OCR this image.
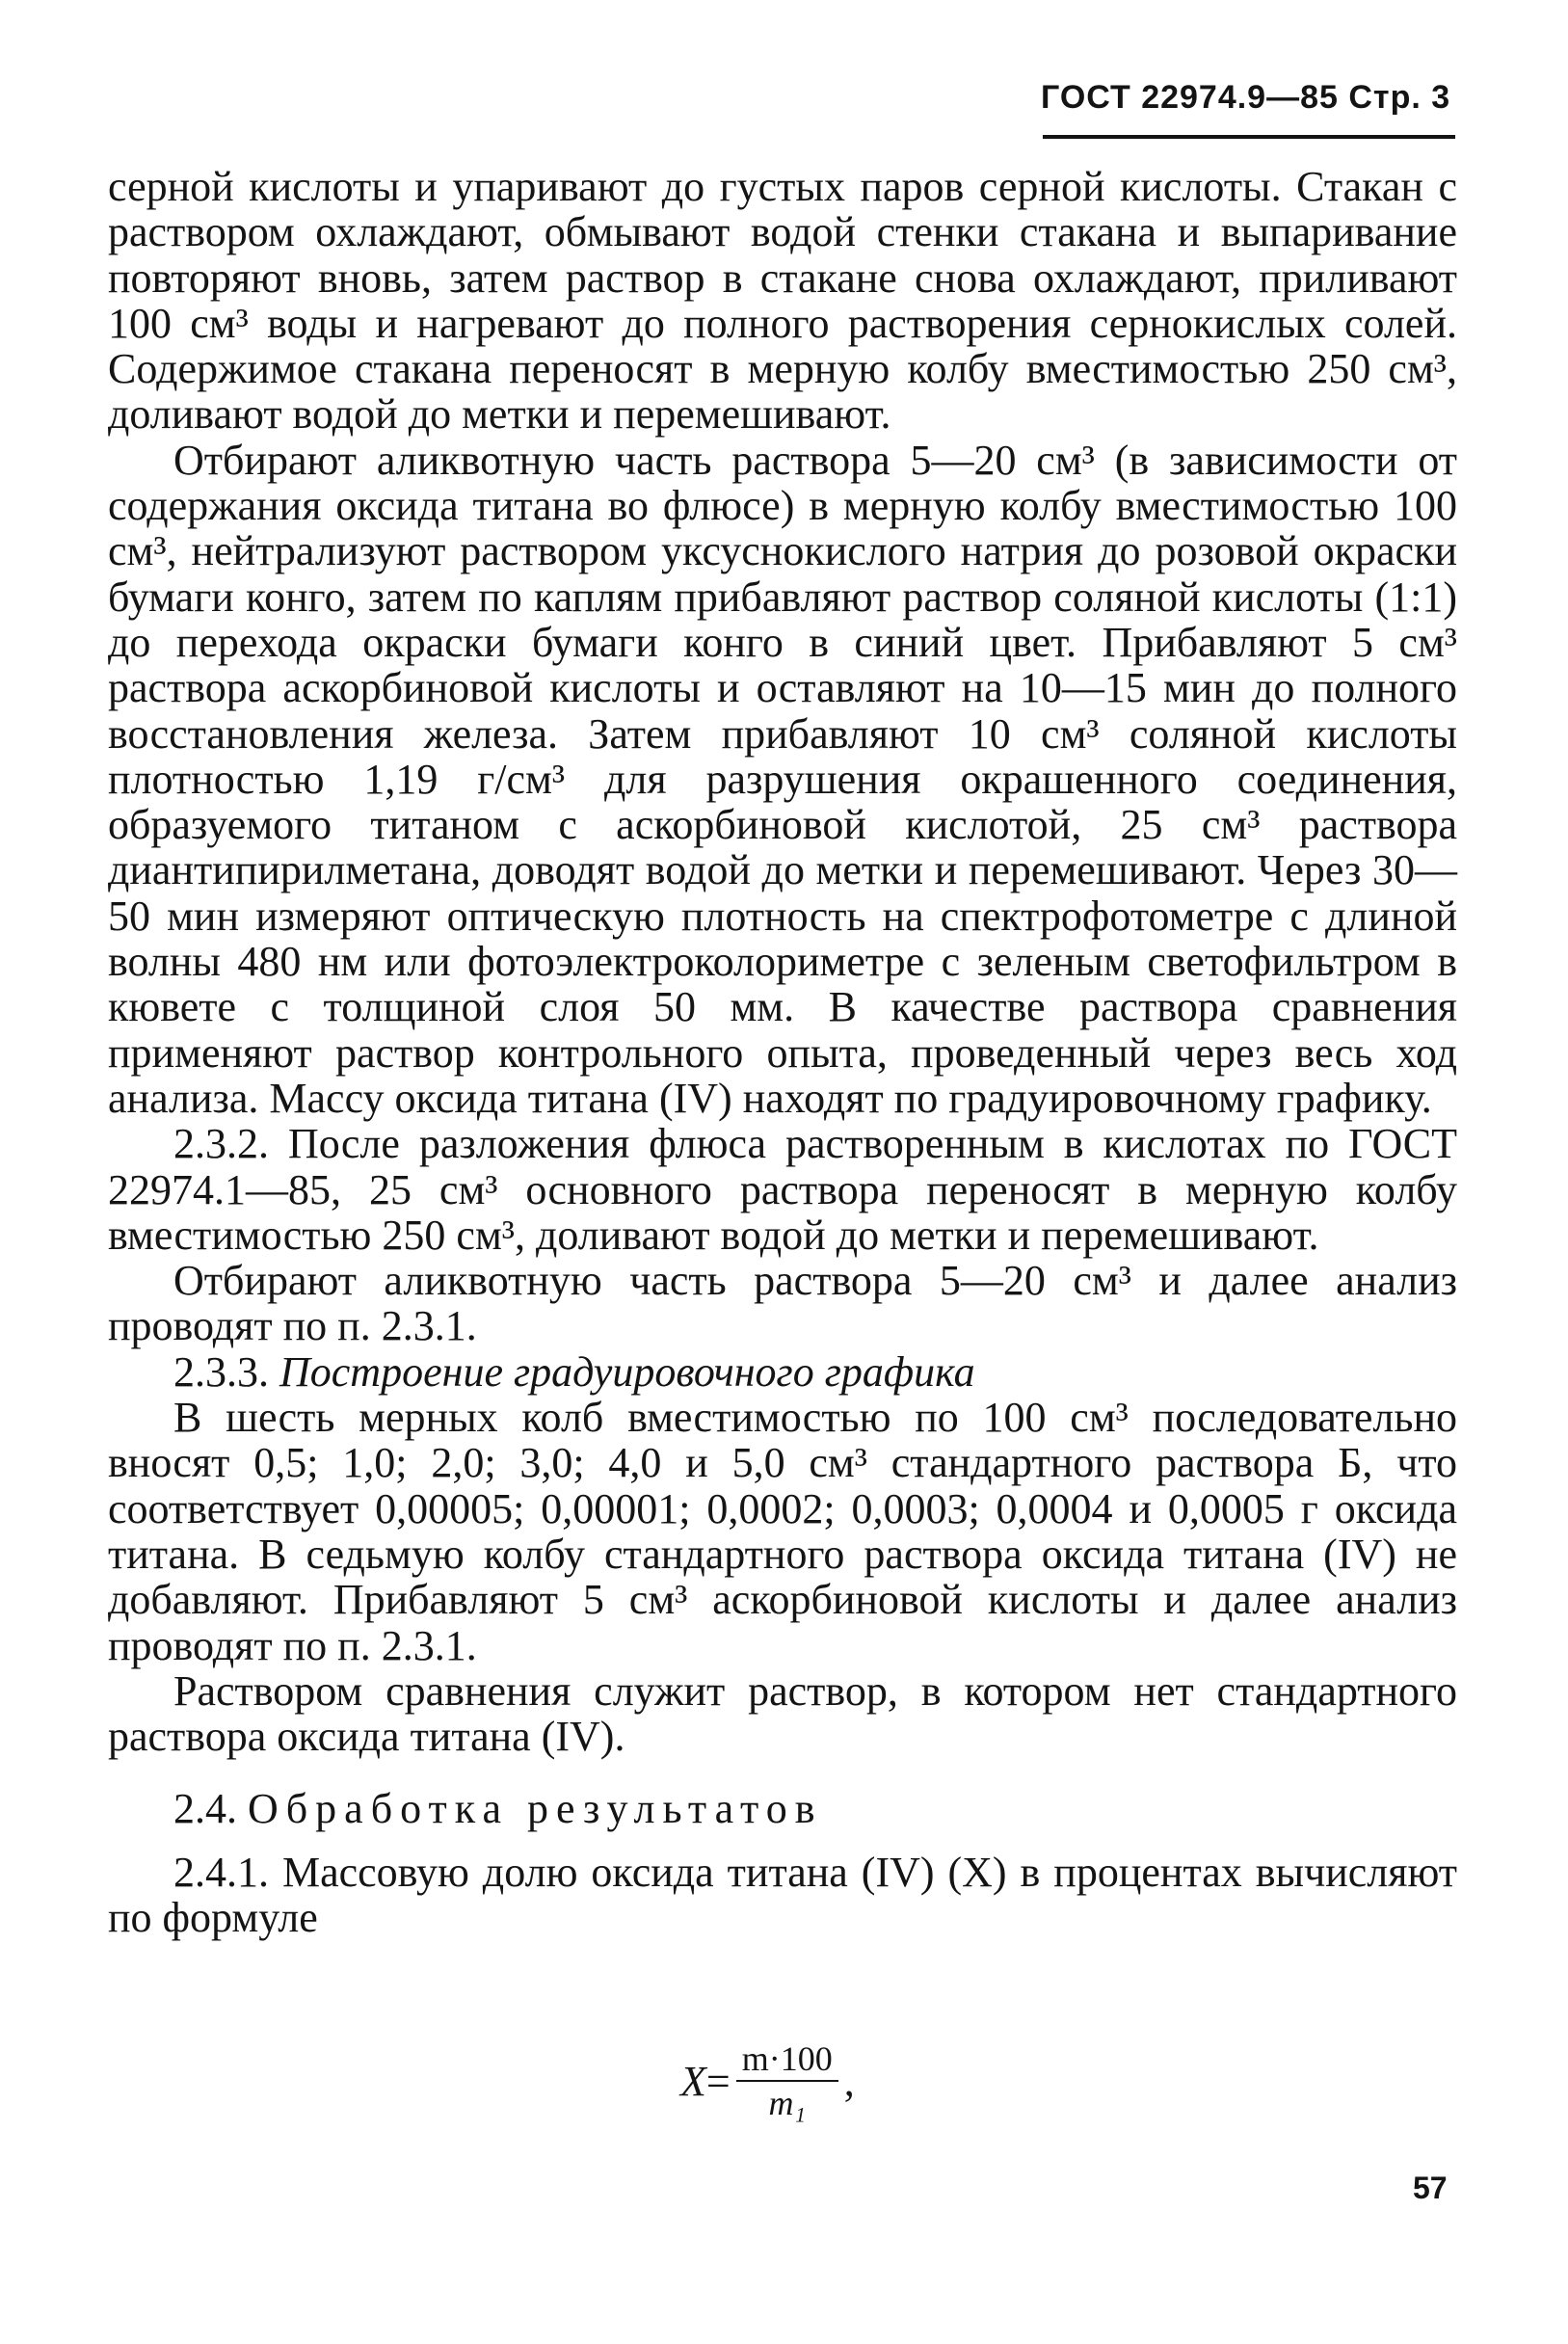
ГОСТ 22974.9—85 Стр. 3

серной кислоты и упаривают до густых паров серной кислоты. Стакан с раствором охлаждают, обмывают водой стенки стакана и выпаривание повторяют вновь, затем раствор в стакане снова охлаждают, приливают 100 см³ воды и нагревают до полного растворения сернокислых солей. Содержимое стакана переносят в мерную колбу вместимостью 250 см³, доливают водой до метки и перемешивают.

Отбирают аликвотную часть раствора 5—20 см³ (в зависимости от содержания оксида титана во флюсе) в мерную колбу вместимостью 100 см³, нейтрализуют раствором уксуснокислого натрия до розовой окраски бумаги конго, затем по каплям прибавляют раствор соляной кислоты (1:1) до перехода окраски бумаги конго в синий цвет. Прибавляют 5 см³ раствора аскорбиновой кислоты и оставляют на 10—15 мин до полного восстановления железа. Затем прибавляют 10 см³ соляной кислоты плотностью 1,19 г/см³ для разрушения окрашенного соединения, образуемого титаном с аскорбиновой кислотой, 25 см³ раствора диантипирилметана, доводят водой до метки и перемешивают. Через 30—50 мин измеряют оптическую плотность на спектрофотометре с длиной волны 480 нм или фотоэлектроколориметре с зеленым светофильтром в кювете с толщиной слоя 50 мм. В качестве раствора сравнения применяют раствор контрольного опыта, проведенный через весь ход анализа. Массу оксида титана (IV) находят по градуировочному графику.

2.3.2. После разложения флюса растворенным в кислотах по ГОСТ 22974.1—85, 25 см³ основного раствора переносят в мерную колбу вместимостью 250 см³, доливают водой до метки и перемешивают.

Отбирают аликвотную часть раствора 5—20 см³ и далее анализ проводят по п. 2.3.1.

2.3.3. Построение градуировочного графика

В шесть мерных колб вместимостью по 100 см³ последовательно вносят 0,5; 1,0; 2,0; 3,0; 4,0 и 5,0 см³ стандартного раствора Б, что соответствует 0,00005; 0,00001; 0,0002; 0,0003; 0,0004 и 0,0005 г оксида титана. В седьмую колбу стандартного раствора оксида титана (IV) не добавляют. Прибавляют 5 см³ аскорбиновой кислоты и далее анализ проводят по п. 2.3.1.

Раствором сравнения служит раствор, в котором нет стандартного раствора оксида титана (IV).

2.4. Обработка результатов

2.4.1. Массовую долю оксида титана (IV) (X) в процентах вычисляют по формуле

$X = \frac{m\cdot 100}{\text{m₁}}$ ,
57
